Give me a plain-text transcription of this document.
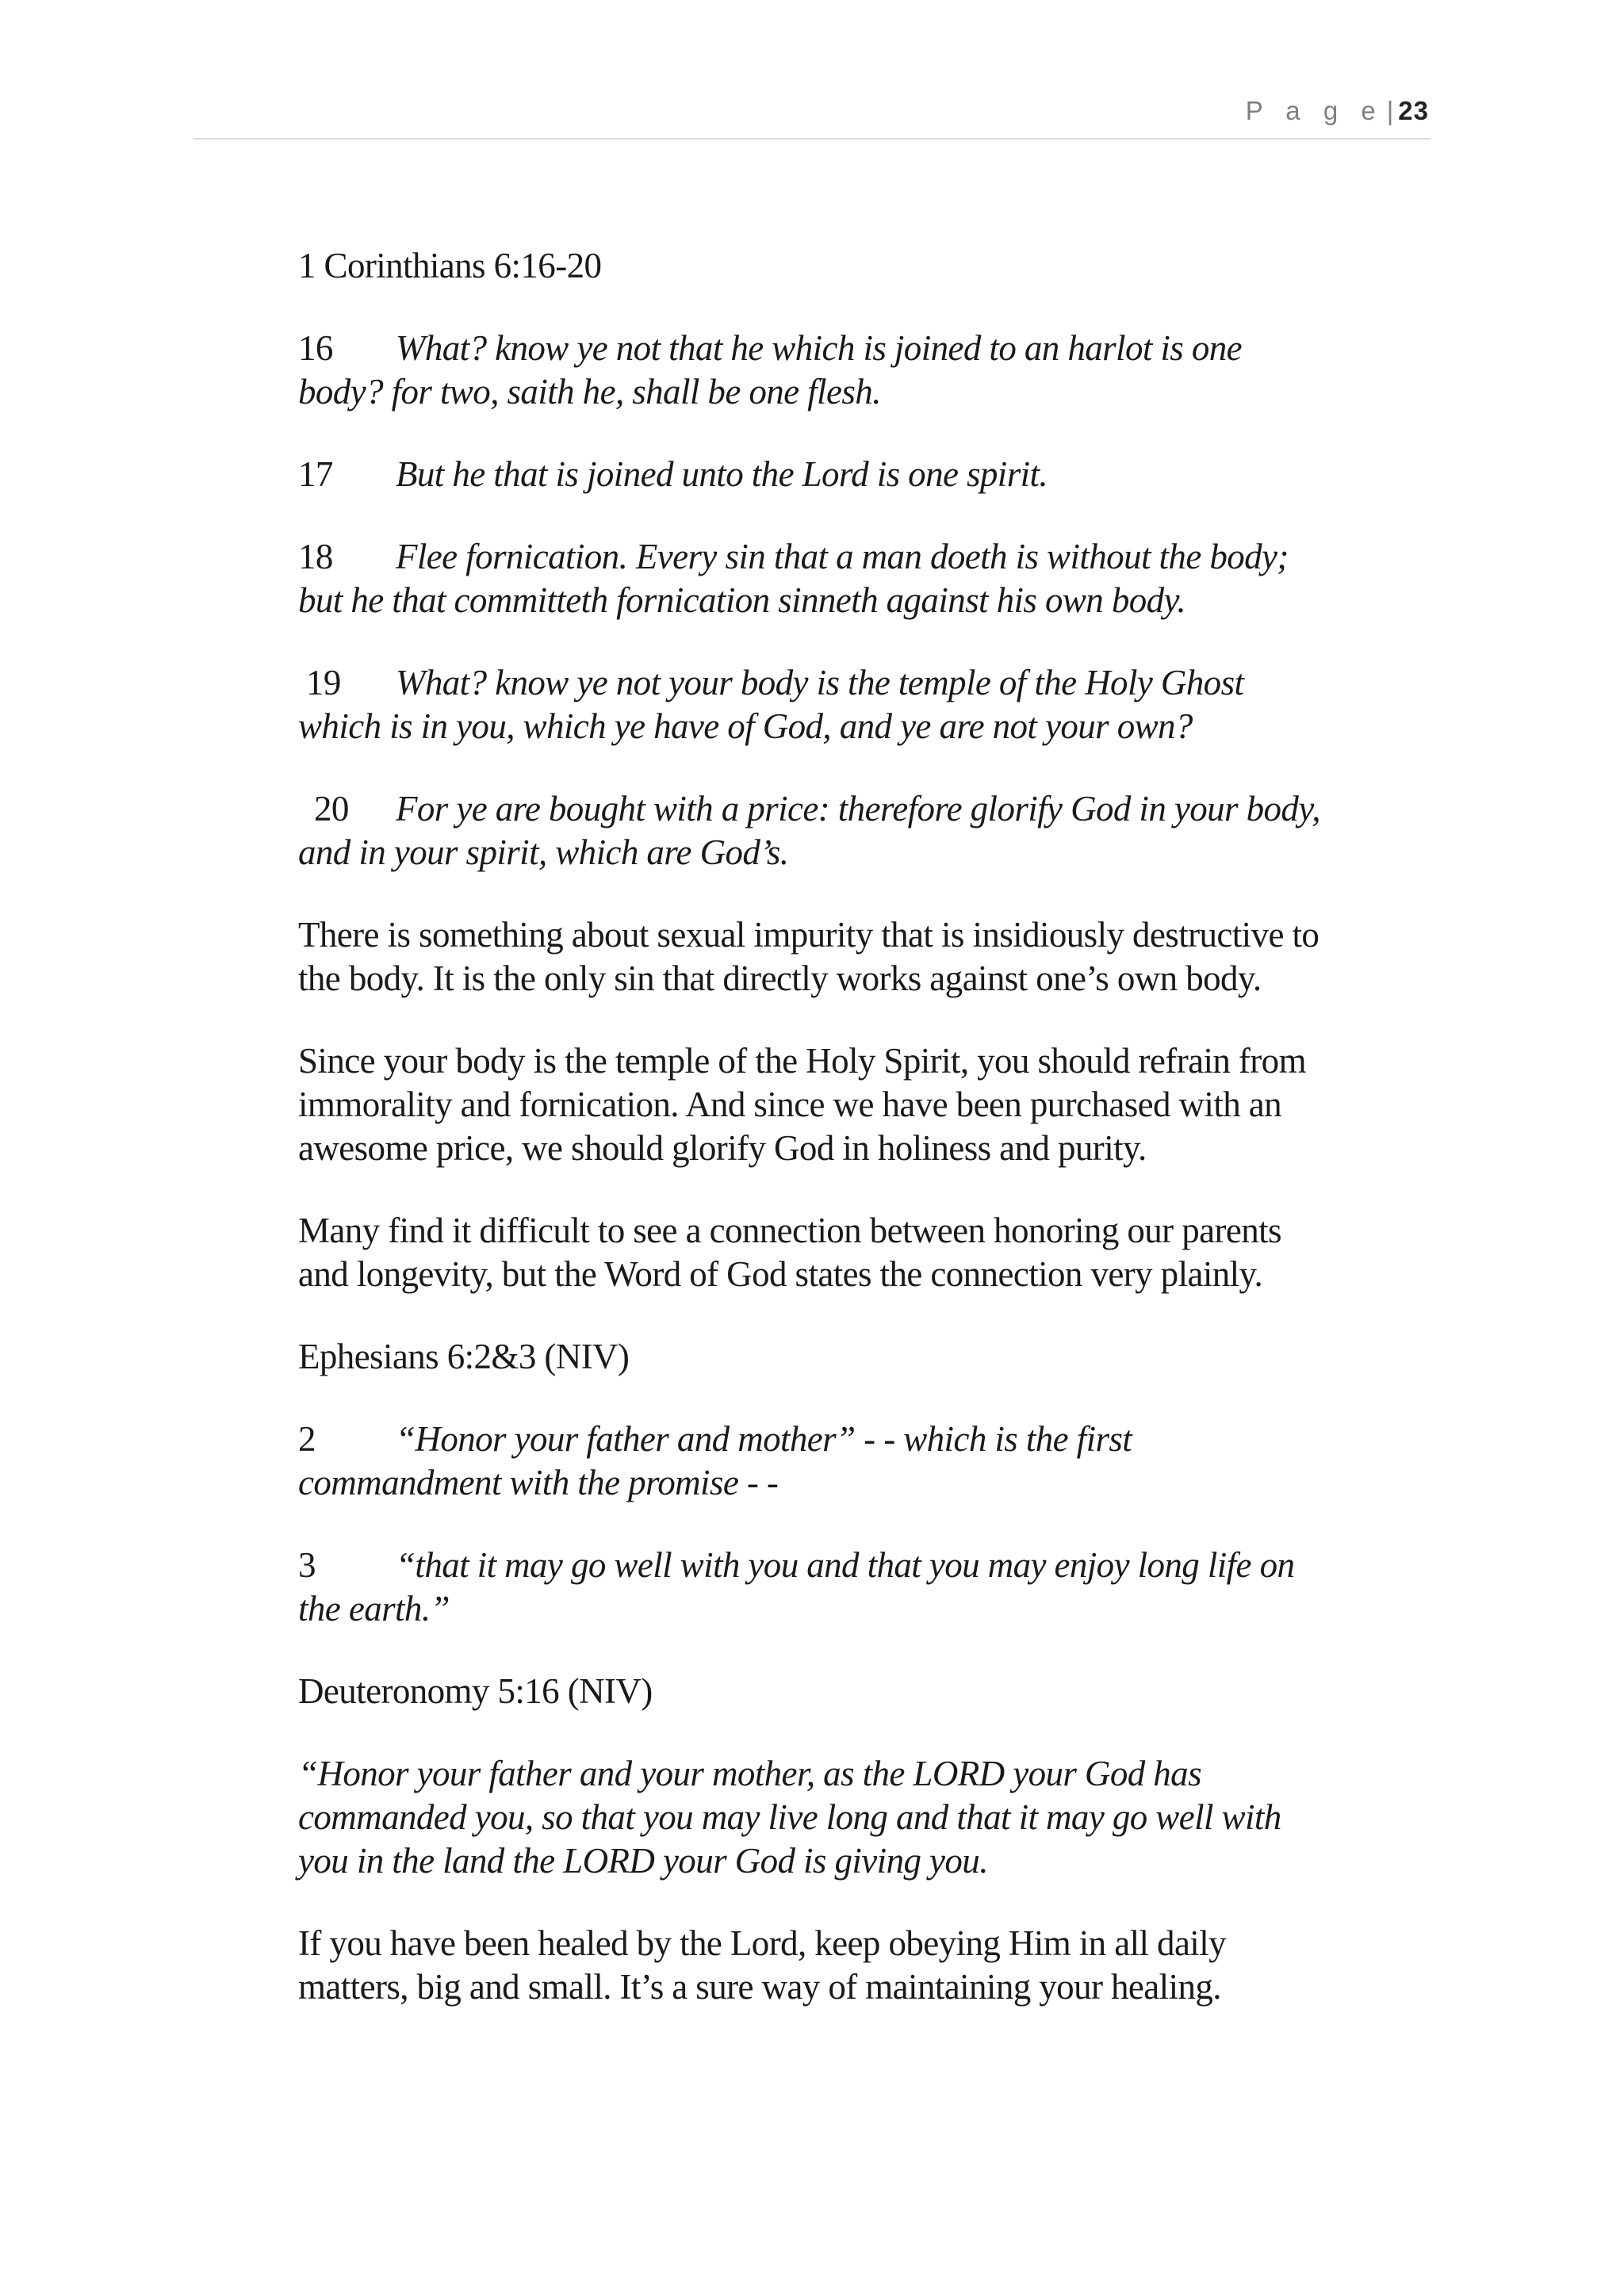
P a g e | 23
1 Corinthians 6:16-20
16 What? know ye not that he which is joined to an harlot is one
body? for two, saith he, shall be one flesh.
17 But he that is joined unto the Lord is one spirit.
18 Flee fornication. Every sin that a man doeth is without the body;
but he that committeth fornication sinneth against his own body.
19 What? know ye not your body is the temple of the Holy Ghost
which is in you, which ye have of God, and ye are not your own?
20 For ye are bought with a price: therefore glorify God in your body,
and in your spirit, which are God’s.
There is something about sexual impurity that is insidiously destructive to
the body. It is the only sin that directly works against one’s own body.
Since your body is the temple of the Holy Spirit, you should refrain from
immorality and fornication. And since we have been purchased with an
awesome price, we should glorify God in holiness and purity.
Many find it difficult to see a connection between honoring our parents
and longevity, but the Word of God states the connection very plainly.
Ephesians 6:2&3 (NIV)
2 “Honor your father and mother” - - which is the first
commandment with the promise - -
3 “that it may go well with you and that you may enjoy long life on
the earth.”
Deuteronomy 5:16 (NIV)
“Honor your father and your mother, as the LORD your God has
commanded you, so that you may live long and that it may go well with
you in the land the LORD your God is giving you.
If you have been healed by the Lord, keep obeying Him in all daily
matters, big and small. It’s a sure way of maintaining your healing.
